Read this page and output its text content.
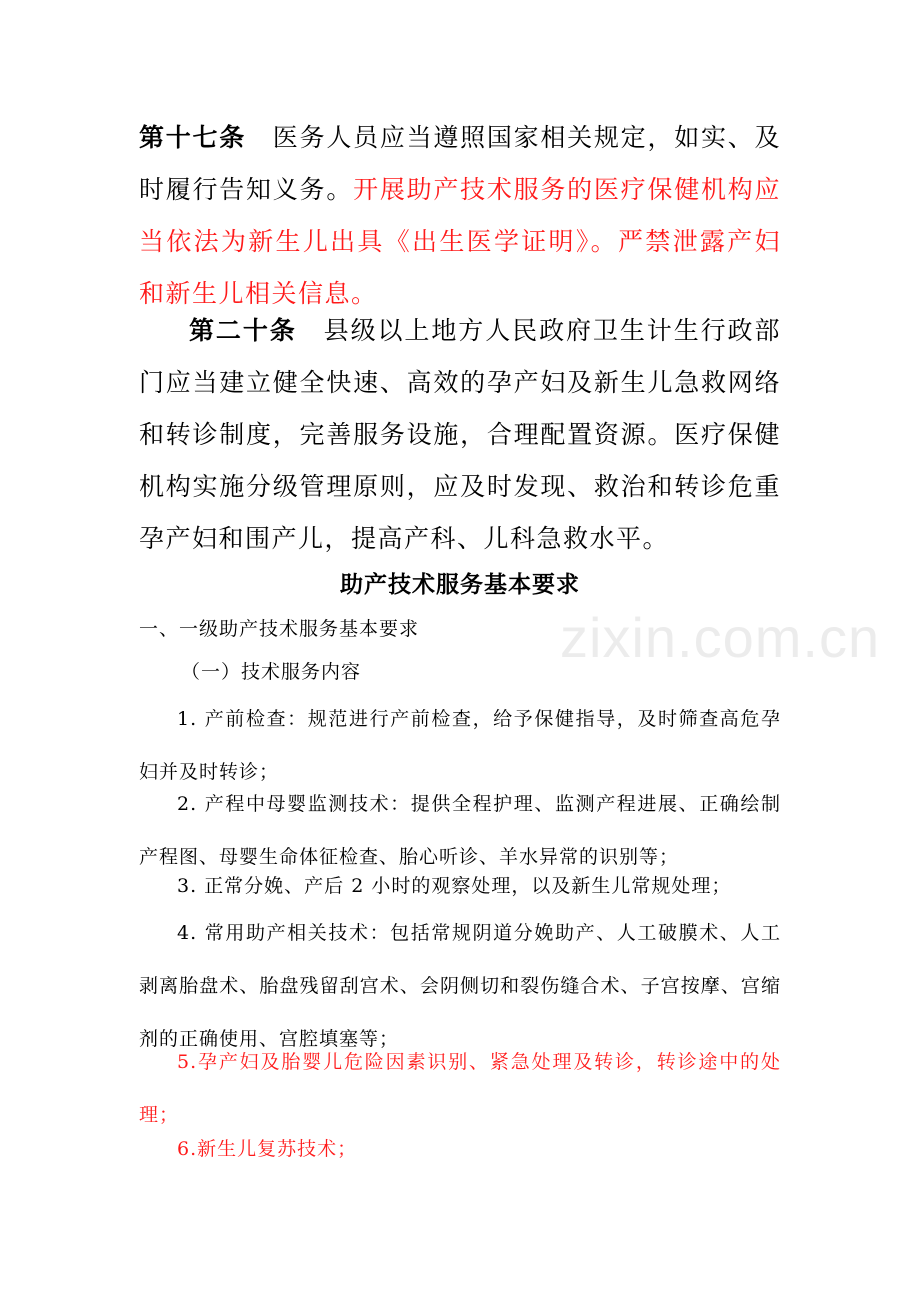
zixin.com.cn

第十七条　医务人员应当遵照国家相关规定，如实、及时履行告知义务。开展助产技术服务的医疗保健机构应当依法为新生儿出具《出生医学证明》。严禁泄露产妇和新生儿相关信息。

第二十条　县级以上地方人民政府卫生计生行政部门应当建立健全快速、高效的孕产妇及新生儿急救网络和转诊制度，完善服务设施，合理配置资源。医疗保健机构实施分级管理原则，应及时发现、救治和转诊危重孕产妇和围产儿，提高产科、儿科急救水平。

助产技术服务基本要求

一、一级助产技术服务基本要求

（一）技术服务内容

1. 产前检查：规范进行产前检查，给予保健指导，及时筛查高危孕妇并及时转诊；

2. 产程中母婴监测技术：提供全程护理、监测产程进展、正确绘制产程图、母婴生命体征检查、胎心听诊、羊水异常的识别等；

3. 正常分娩、产后 2 小时的观察处理，以及新生儿常规处理；

4. 常用助产相关技术：包括常规阴道分娩助产、人工破膜术、人工剥离胎盘术、胎盘残留刮宫术、会阴侧切和裂伤缝合术、子宫按摩、宫缩剂的正确使用、宫腔填塞等；

5.孕产妇及胎婴儿危险因素识别、紧急处理及转诊，转诊途中的处理；

6.新生儿复苏技术；
